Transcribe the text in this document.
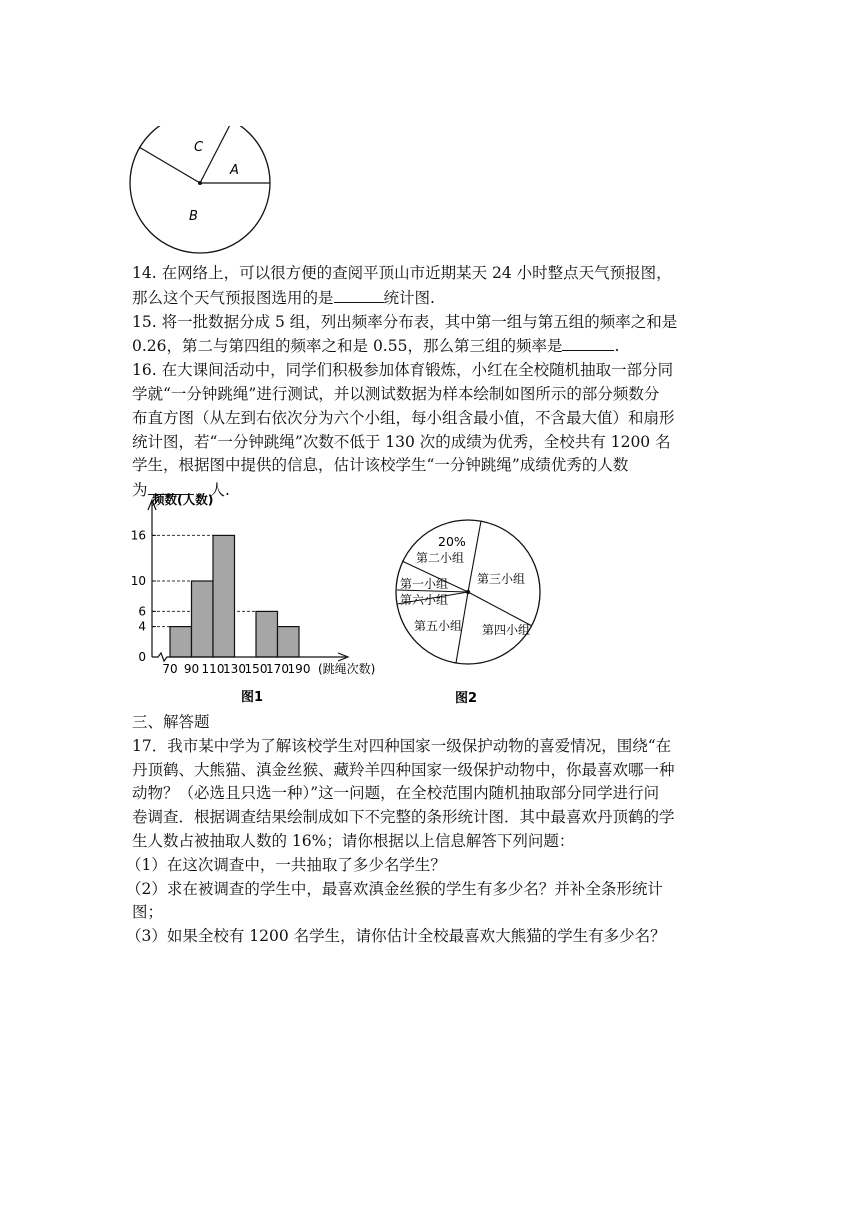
C
A
B
14. 在网络上，可以很方便的查阅平顶山市近期某天 24 小时整点天气预报图，
那么这个天气预报图选用的是	统计图.
15. 将一批数据分成 5 组，列出频率分布表，其中第一组与第五组的频率之和是
0.26，第二与第四组的频率之和是 0.55，那么第三组的频率是	.
16. 在大课间活动中，同学们积极参加体育锻炼，小红在全校随机抽取一部分同
学就“一分钟跳绳”进行测试，并以测试数据为样本绘制如图所示的部分频数分
布直方图（从左到右依次分为六个小组，每小组含最小值，不含最大值）和扇形
统计图，若“一分钟跳绳”次数不低于 130 次的成绩为优秀，全校共有 1200 名
学生，根据图中提供的信息，估计该校学生“一分钟跳绳”成绩优秀的人数
为	人.
频数(人数)
(跳绳次数)
0
4
6
10
16
70 90 110
130
150
170
190
图1
第二小组
第三小组
第四小组
第五小组
第六小组
第一小组
20%
图2
三、解答题
17．我市某中学为了解该校学生对四种国家一级保护动物的喜爱情况，围绕“在
丹顶鹤、大熊猫、滇金丝猴、藏羚羊四种国家一级保护动物中，你最喜欢哪一种
动物？（必选且只选一种）”这一问题，在全校范围内随机抽取部分同学进行问
卷调查．根据调查结果绘制成如下不完整的条形统计图．其中最喜欢丹顶鹤的学
生人数占被抽取人数的 16%；请你根据以上信息解答下列问题：
（1）在这次调查中，一共抽取了多少名学生？
（2）求在被调查的学生中，最喜欢滇金丝猴的学生有多少名？并补全条形统计
图；
（3）如果全校有 1200 名学生，请你估计全校最喜欢大熊猫的学生有多少名？
